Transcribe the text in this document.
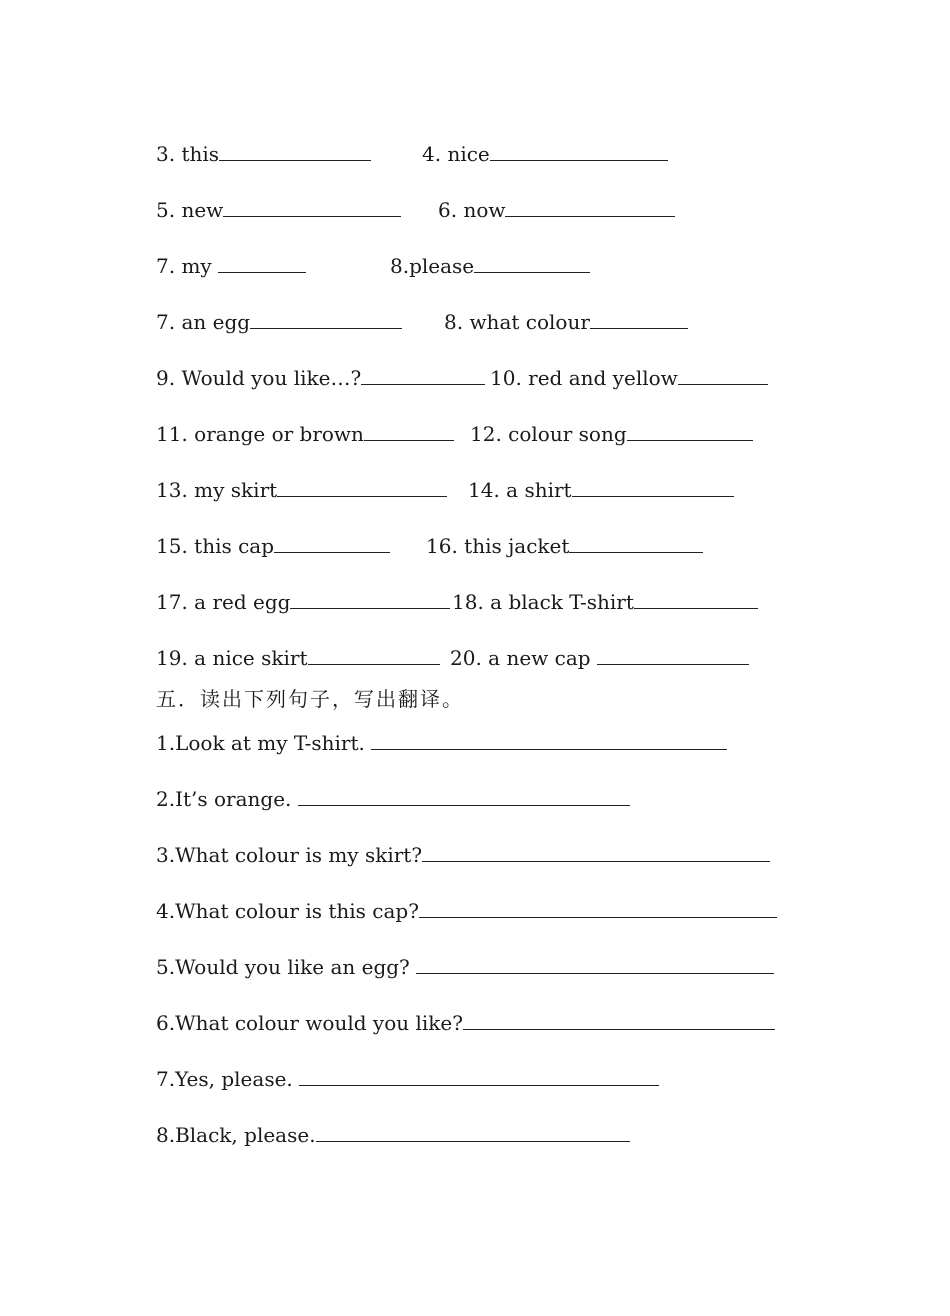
3. this	4. nice
5. new	6. now
7. my	8.please
7. an egg	8. what colour
9. Would you like…?	10. red and yellow
11. orange or brown	12. colour song
13. my skirt	14. a shirt
15. this cap	16. this jacket
17. a red egg	18. a black T-shirt
19. a nice skirt	20. a new cap
五．读出下列句子，写出翻译。
1.Look at my T-shirt.
2.It’s orange.
3.What colour is my skirt?
4.What colour is this cap?
5.Would you like an egg?
6.What colour would you like?
7.Yes, please.
8.Black, please.
